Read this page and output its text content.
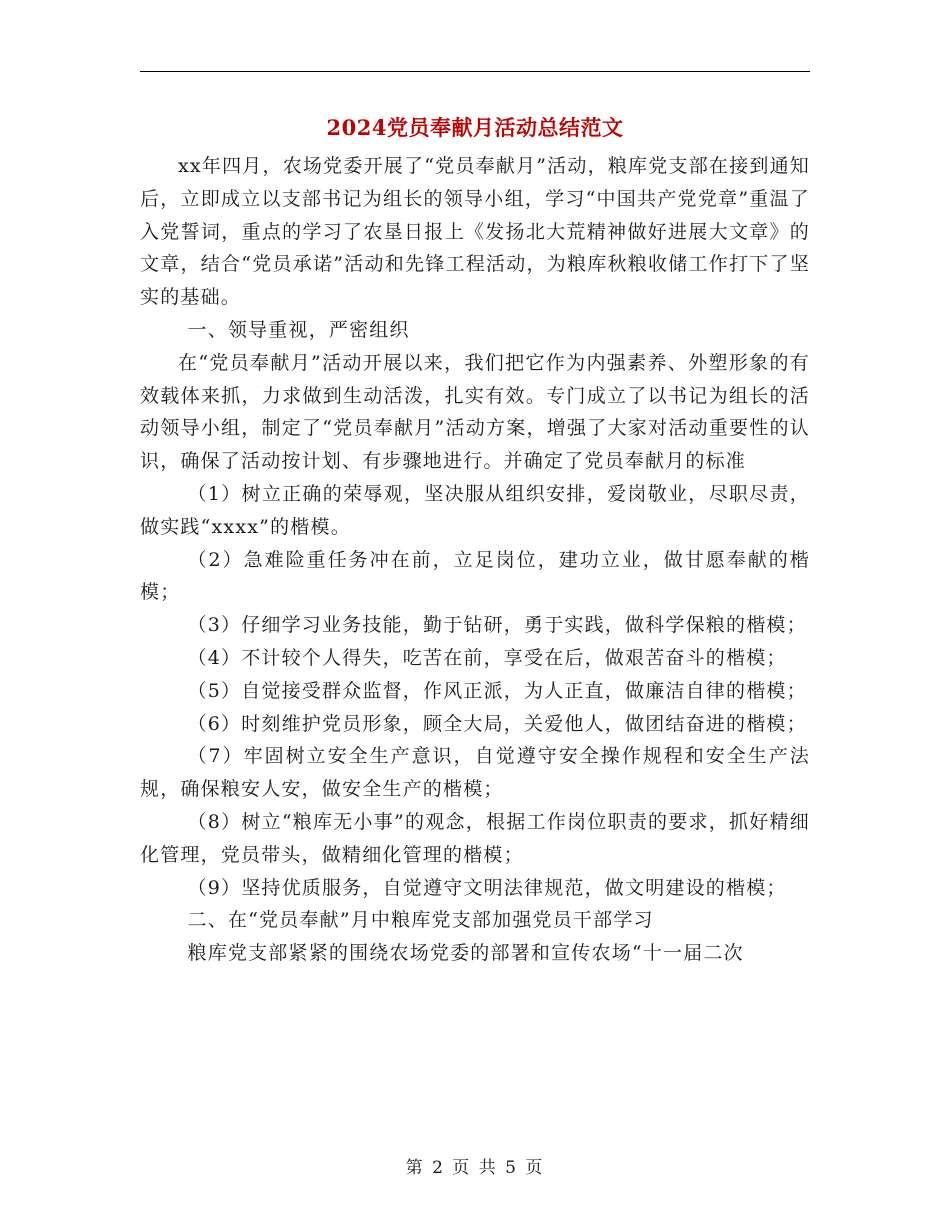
2024党员奉献月活动总结范文

xx年四月，农场党委开展了“党员奉献月”活动，粮库党支部在接到通知后，立即成立以支部书记为组长的领导小组，学习“中国共产党党章”重温了入党誓词，重点的学习了农垦日报上《发扬北大荒精神做好进展大文章》的文章，结合“党员承诺”活动和先锋工程活动，为粮库秋粮收储工作打下了坚实的基础。

一、领导重视，严密组织

在“党员奉献月”活动开展以来，我们把它作为内强素养、外塑形象的有效载体来抓，力求做到生动活泼，扎实有效。专门成立了以书记为组长的活动领导小组，制定了“党员奉献月”活动方案，增强了大家对活动重要性的认识，确保了活动按计划、有步骤地进行。并确定了党员奉献月的标准

（1）树立正确的荣辱观，坚决服从组织安排，爱岗敬业，尽职尽责，做实践“xxxx”的楷模。

（2）急难险重任务冲在前，立足岗位，建功立业，做甘愿奉献的楷模；

（3）仔细学习业务技能，勤于钻研，勇于实践，做科学保粮的楷模；

（4）不计较个人得失，吃苦在前，享受在后，做艰苦奋斗的楷模；

（5）自觉接受群众监督，作风正派，为人正直，做廉洁自律的楷模；

（6）时刻维护党员形象，顾全大局，关爱他人，做团结奋进的楷模；

（7）牢固树立安全生产意识，自觉遵守安全操作规程和安全生产法规，确保粮安人安，做安全生产的楷模；

（8）树立“粮库无小事”的观念，根据工作岗位职责的要求，抓好精细化管理，党员带头，做精细化管理的楷模；

（9）坚持优质服务，自觉遵守文明法律规范，做文明建设的楷模；

二、在“党员奉献”月中粮库党支部加强党员干部学习

粮库党支部紧紧的围绕农场党委的部署和宣传农场“十一届二次

第 2 页 共 5 页
